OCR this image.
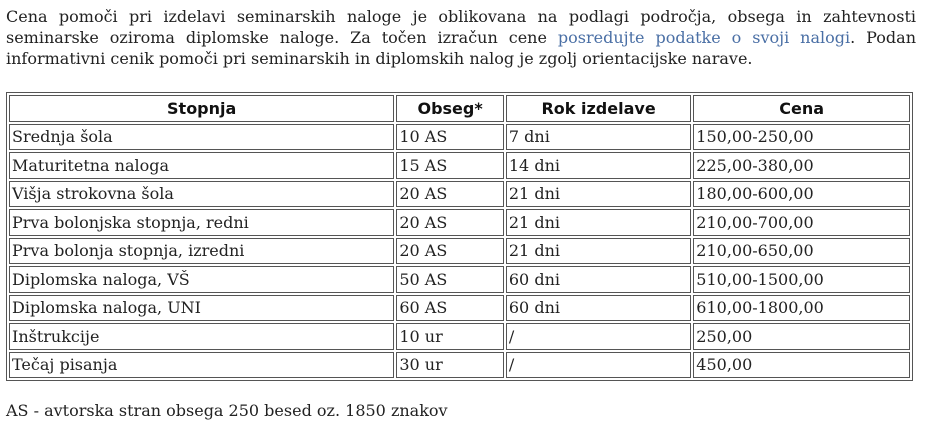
Cena pomoči pri izdelavi seminarskih naloge je oblikovana na podlagi področja, obsega in zahtevnosti seminarske oziroma diplomske naloge. Za točen izračun cene posredujte podatke o svoji nalogi. Podan informativni cenik pomoči pri seminarskih in diplomskih nalog je zgolj orientacijske narave.

Stopnja	Obseg*	Rok izdelave	Cena
Srednja šola	10 AS	7 dni	150,00-250,00
Maturitetna naloga	15 AS	14 dni	225,00-380,00
Višja strokovna šola	20 AS	21 dni	180,00-600,00
Prva bolonjska stopnja, redni	20 AS	21 dni	210,00-700,00
Prva bolonja stopnja, izredni	20 AS	21 dni	210,00-650,00
Diplomska naloga, VŠ	50 AS	60 dni	510,00-1500,00
Diplomska naloga, UNI	60 AS	60 dni	610,00-1800,00
Inštrukcije	10 ur	/	250,00
Tečaj pisanja	30 ur	/	450,00

AS - avtorska stran obsega 250 besed oz. 1850 znakov
